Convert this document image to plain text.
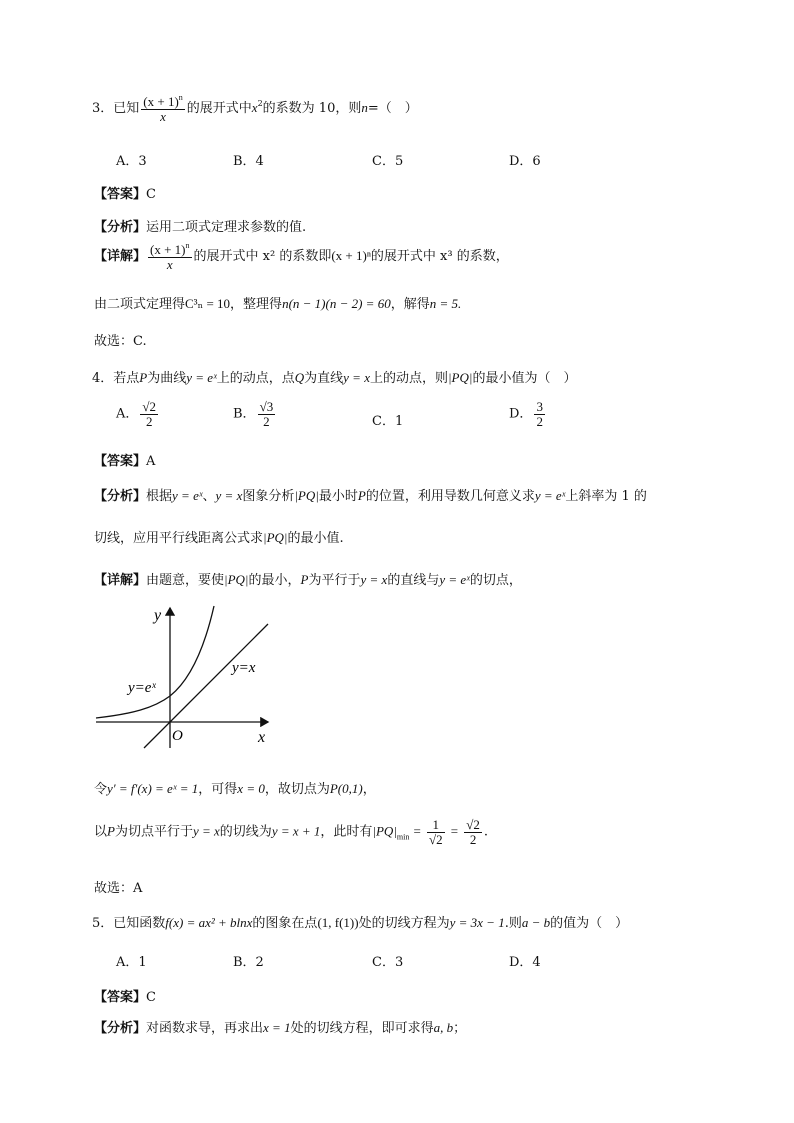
3．已知 $\frac{(x + 1)^n}{x}$ 的展开式中$x^2$的系数为 10，则n=（　）
A．3	B．4	C．5	D．6
【答案】C
【分析】运用二项式定理求参数的值.
【详解】 $\frac{(x + 1)^n}{x}$ 的展开式中 x² 的系数即(x + 1)ⁿ的展开式中 x³ 的系数，
由二项式定理得C³ₙ = 10，整理得n(n − 1)(n − 2) = 60，解得n = 5.
故选：C.
4．若点P为曲线y = eˣ上的动点，点Q为直线y = x上的动点，则|PQ|的最小值为（　）
A． $\frac{√2}{2}$	B． $\frac{√3}{2}$	C．1	D． $\frac{3}{2}$
【答案】A
【分析】根据y = eˣ、y = x图象分析|PQ|最小时P的位置，利用导数几何意义求y = eˣ上斜率为 1 的
切线，应用平行线距离公式求|PQ|的最小值.
【详解】由题意，要使|PQ|的最小，P为平行于y = x的直线与y = eˣ的切点，
y
x
O
y=eˣ
y=x
令y′ = f′(x) = eˣ = 1，可得x = 0，故切点为P(0,1)，
以P为切点平行于y = x的切线为y = x + 1，此时有$|PQ|_{min} = \frac{1}{√2} = \frac{√2}{2}$ .
故选：A
5．已知函数f(x) = ax² + blnx的图象在点(1, f(1))处的切线方程为y = 3x − 1.则a − b的值为（　）
A．1	B．2	C．3	D．4
【答案】C
【分析】对函数求导，再求出x = 1处的切线方程，即可求得a, b；
